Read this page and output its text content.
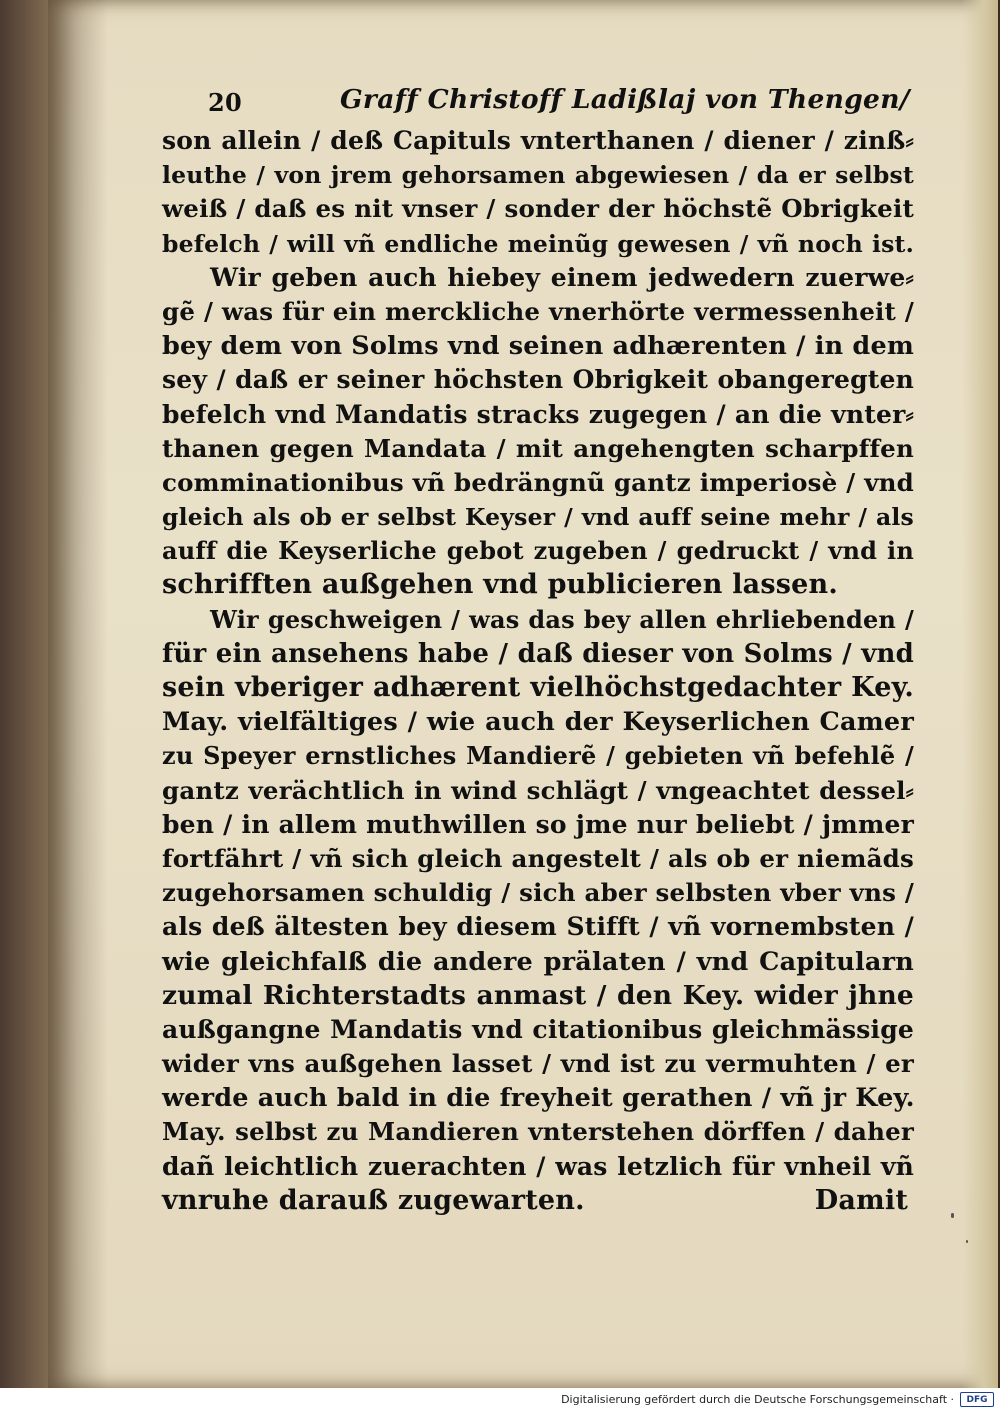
20	Graff Christoff Ladißlaj von Thengen/
son allein / deß Capituls vnterthanen / diener / zinß⸗
leuthe / von jrem gehorsamen abgewiesen / da er selbst
weiß / daß es nit vnser / sonder der höchstẽ Obrigkeit
befelch / will vñ endliche meinũg gewesen / vñ noch ist.
Wir geben auch hiebey einem jedwedern zuerwe⸗
gẽ / was für ein merckliche vnerhörte vermessenheit /
bey dem von Solms vnd seinen adhærenten / in dem
sey / daß er seiner höchsten Obrigkeit obangeregten
befelch vnd Mandatis stracks zugegen / an die vnter⸗
thanen gegen Mandata / mit angehengten scharpffen
comminationibus vñ bedrängnũ gantz imperiosè / vnd
gleich als ob er selbst Keyser / vnd auff seine mehr / als
auff die Keyserliche gebot zugeben / gedruckt / vnd in
schrifften außgehen vnd publicieren lassen.
Wir geschweigen / was das bey allen ehrliebenden /
für ein ansehens habe / daß dieser von Solms / vnd
sein vberiger adhærent vielhöchstgedachter Key.
May. vielfältiges / wie auch der Keyserlichen Camer
zu Speyer ernstliches Mandierẽ / gebieten vñ befehlẽ /
gantz verächtlich in wind schlägt / vngeachtet dessel⸗
ben / in allem muthwillen so jme nur beliebt / jmmer
fortfährt / vñ sich gleich angestelt / als ob er niemãds
zugehorsamen schuldig / sich aber selbsten vber vns /
als deß ältesten bey diesem Stifft / vñ vornembsten /
wie gleichfalß die andere prälaten / vnd Capitularn
zumal Richterstadts anmast / den Key. wider jhne
außgangne Mandatis vnd citationibus gleichmässige
wider vns außgehen lasset / vnd ist zu vermuhten / er
werde auch bald in die freyheit gerathen / vñ jr Key.
May. selbst zu Mandieren vnterstehen dörffen / daher
dañ leichtlich zuerachten / was letzlich für vnheil vñ
vnruhe darauß zugewarten.	Damit
Digitalisierung gefördert durch die Deutsche Forschungsgemeinschaft ·	DFG
